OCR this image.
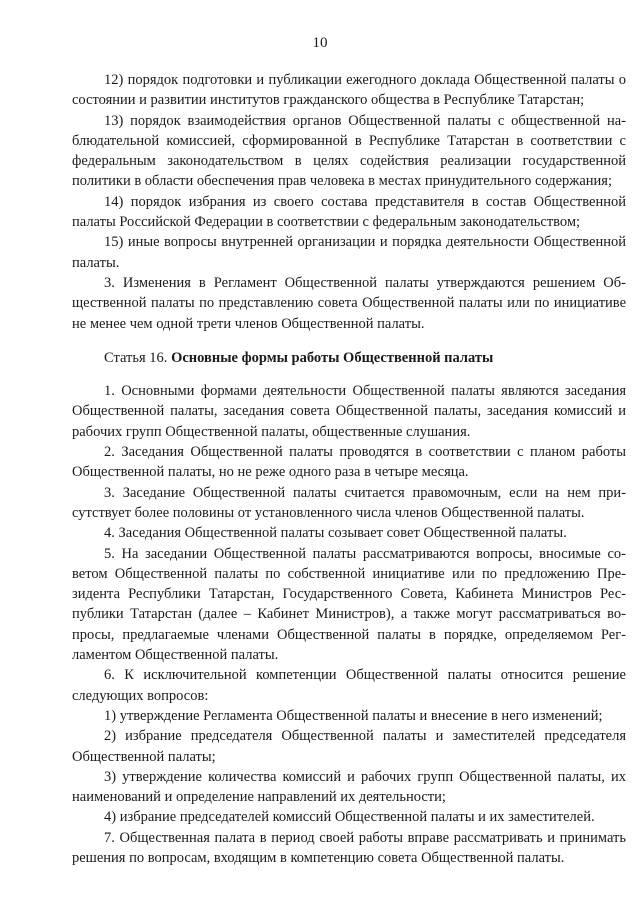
10

12) порядок подготовки и публикации ежегодного доклада Общественной палаты о состоянии и развитии институтов гражданского общества в Республике Татарстан;

13) порядок взаимодействия органов Общественной палаты с общественной наблюдательной комиссией, сформированной в Республике Татарстан в соответствии с федеральным законодательством в целях содействия реализации государственной политики в области обеспечения прав человека в местах принудительного содержания;

14) порядок избрания из своего состава представителя в состав Общественной палаты Российской Федерации в соответствии с федеральным законодательством;

15) иные вопросы внутренней организации и порядка деятельности Общественной палаты.

3. Изменения в Регламент Общественной палаты утверждаются решением Общественной палаты по представлению совета Общественной палаты или по инициативе не менее чем одной трети членов Общественной палаты.

Статья 16. Основные формы работы Общественной палаты

1. Основными формами деятельности Общественной палаты являются заседания Общественной палаты, заседания совета Общественной палаты, заседания комиссий и рабочих групп Общественной палаты, общественные слушания.

2. Заседания Общественной палаты проводятся в соответствии с планом работы Общественной палаты, но не реже одного раза в четыре месяца.

3. Заседание Общественной палаты считается правомочным, если на нем присутствует более половины от установленного числа членов Общественной палаты.

4. Заседания Общественной палаты созывает совет Общественной палаты.

5. На заседании Общественной палаты рассматриваются вопросы, вносимые советом Общественной палаты по собственной инициативе или по предложению Президента Республики Татарстан, Государственного Совета, Кабинета Министров Республики Татарстан (далее – Кабинет Министров), а также могут рассматриваться вопросы, предлагаемые членами Общественной палаты в порядке, определяемом Регламентом Общественной палаты.

6. К исключительной компетенции Общественной палаты относится решение следующих вопросов:

1) утверждение Регламента Общественной палаты и внесение в него изменений;

2) избрание председателя Общественной палаты и заместителей председателя Общественной палаты;

3) утверждение количества комиссий и рабочих групп Общественной палаты, их наименований и определение направлений их деятельности;

4) избрание председателей комиссий Общественной палаты и их заместителей.

7. Общественная палата в период своей работы вправе рассматривать и принимать решения по вопросам, входящим в компетенцию совета Общественной палаты.
